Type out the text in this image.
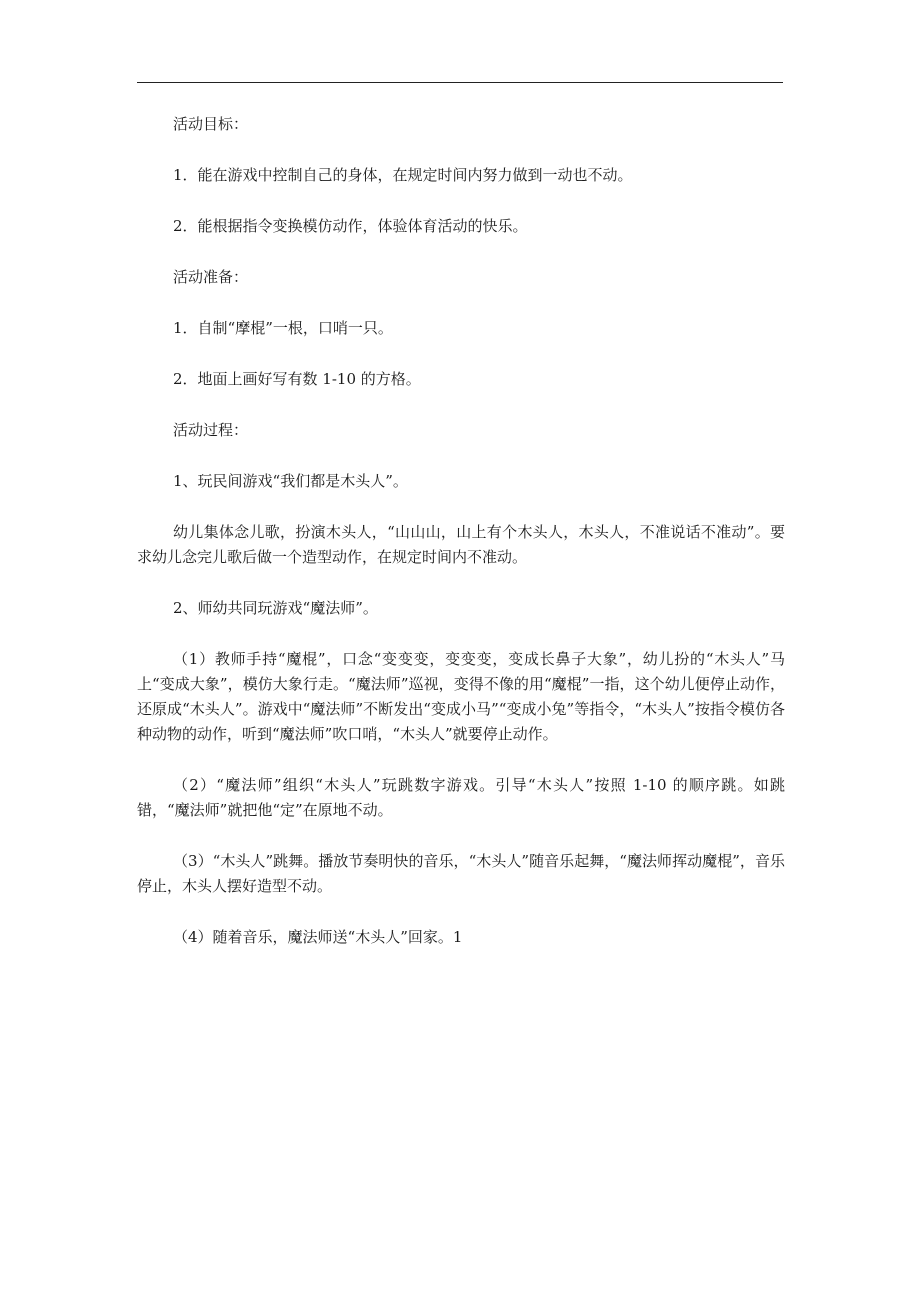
活动目标：

1．能在游戏中控制自己的身体，在规定时间内努力做到一动也不动。

2．能根据指令变换模仿动作，体验体育活动的快乐。

活动准备：

1．自制“摩棍”一根，口哨一只。

2．地面上画好写有数 1-10 的方格。

活动过程：

1、玩民间游戏“我们都是木头人”。

幼儿集体念儿歌，扮演木头人，“山山山，山上有个木头人，木头人，不准说话不准动”。要求幼儿念完儿歌后做一个造型动作，在规定时间内不准动。

2、师幼共同玩游戏“魔法师”。

（1）教师手持“魔棍”，口念“变变变，变变变，变成长鼻子大象”，幼儿扮的“木头人”马上“变成大象”，模仿大象行走。“魔法师”巡视，变得不像的用“魔棍”一指，这个幼儿便停止动作，还原成“木头人”。游戏中“魔法师”不断发出“变成小马”“变成小兔”等指令，“木头人”按指令模仿各种动物的动作，听到“魔法师”吹口哨，“木头人”就要停止动作。

（2）“魔法师”组织“木头人”玩跳数字游戏。引导“木头人”按照 1-10 的顺序跳。如跳错，“魔法师”就把他“定”在原地不动。

（3）“木头人”跳舞。播放节奏明快的音乐，“木头人”随音乐起舞，“魔法师挥动魔棍”，音乐停止，木头人摆好造型不动。

（4）随着音乐，魔法师送“木头人”回家。1
